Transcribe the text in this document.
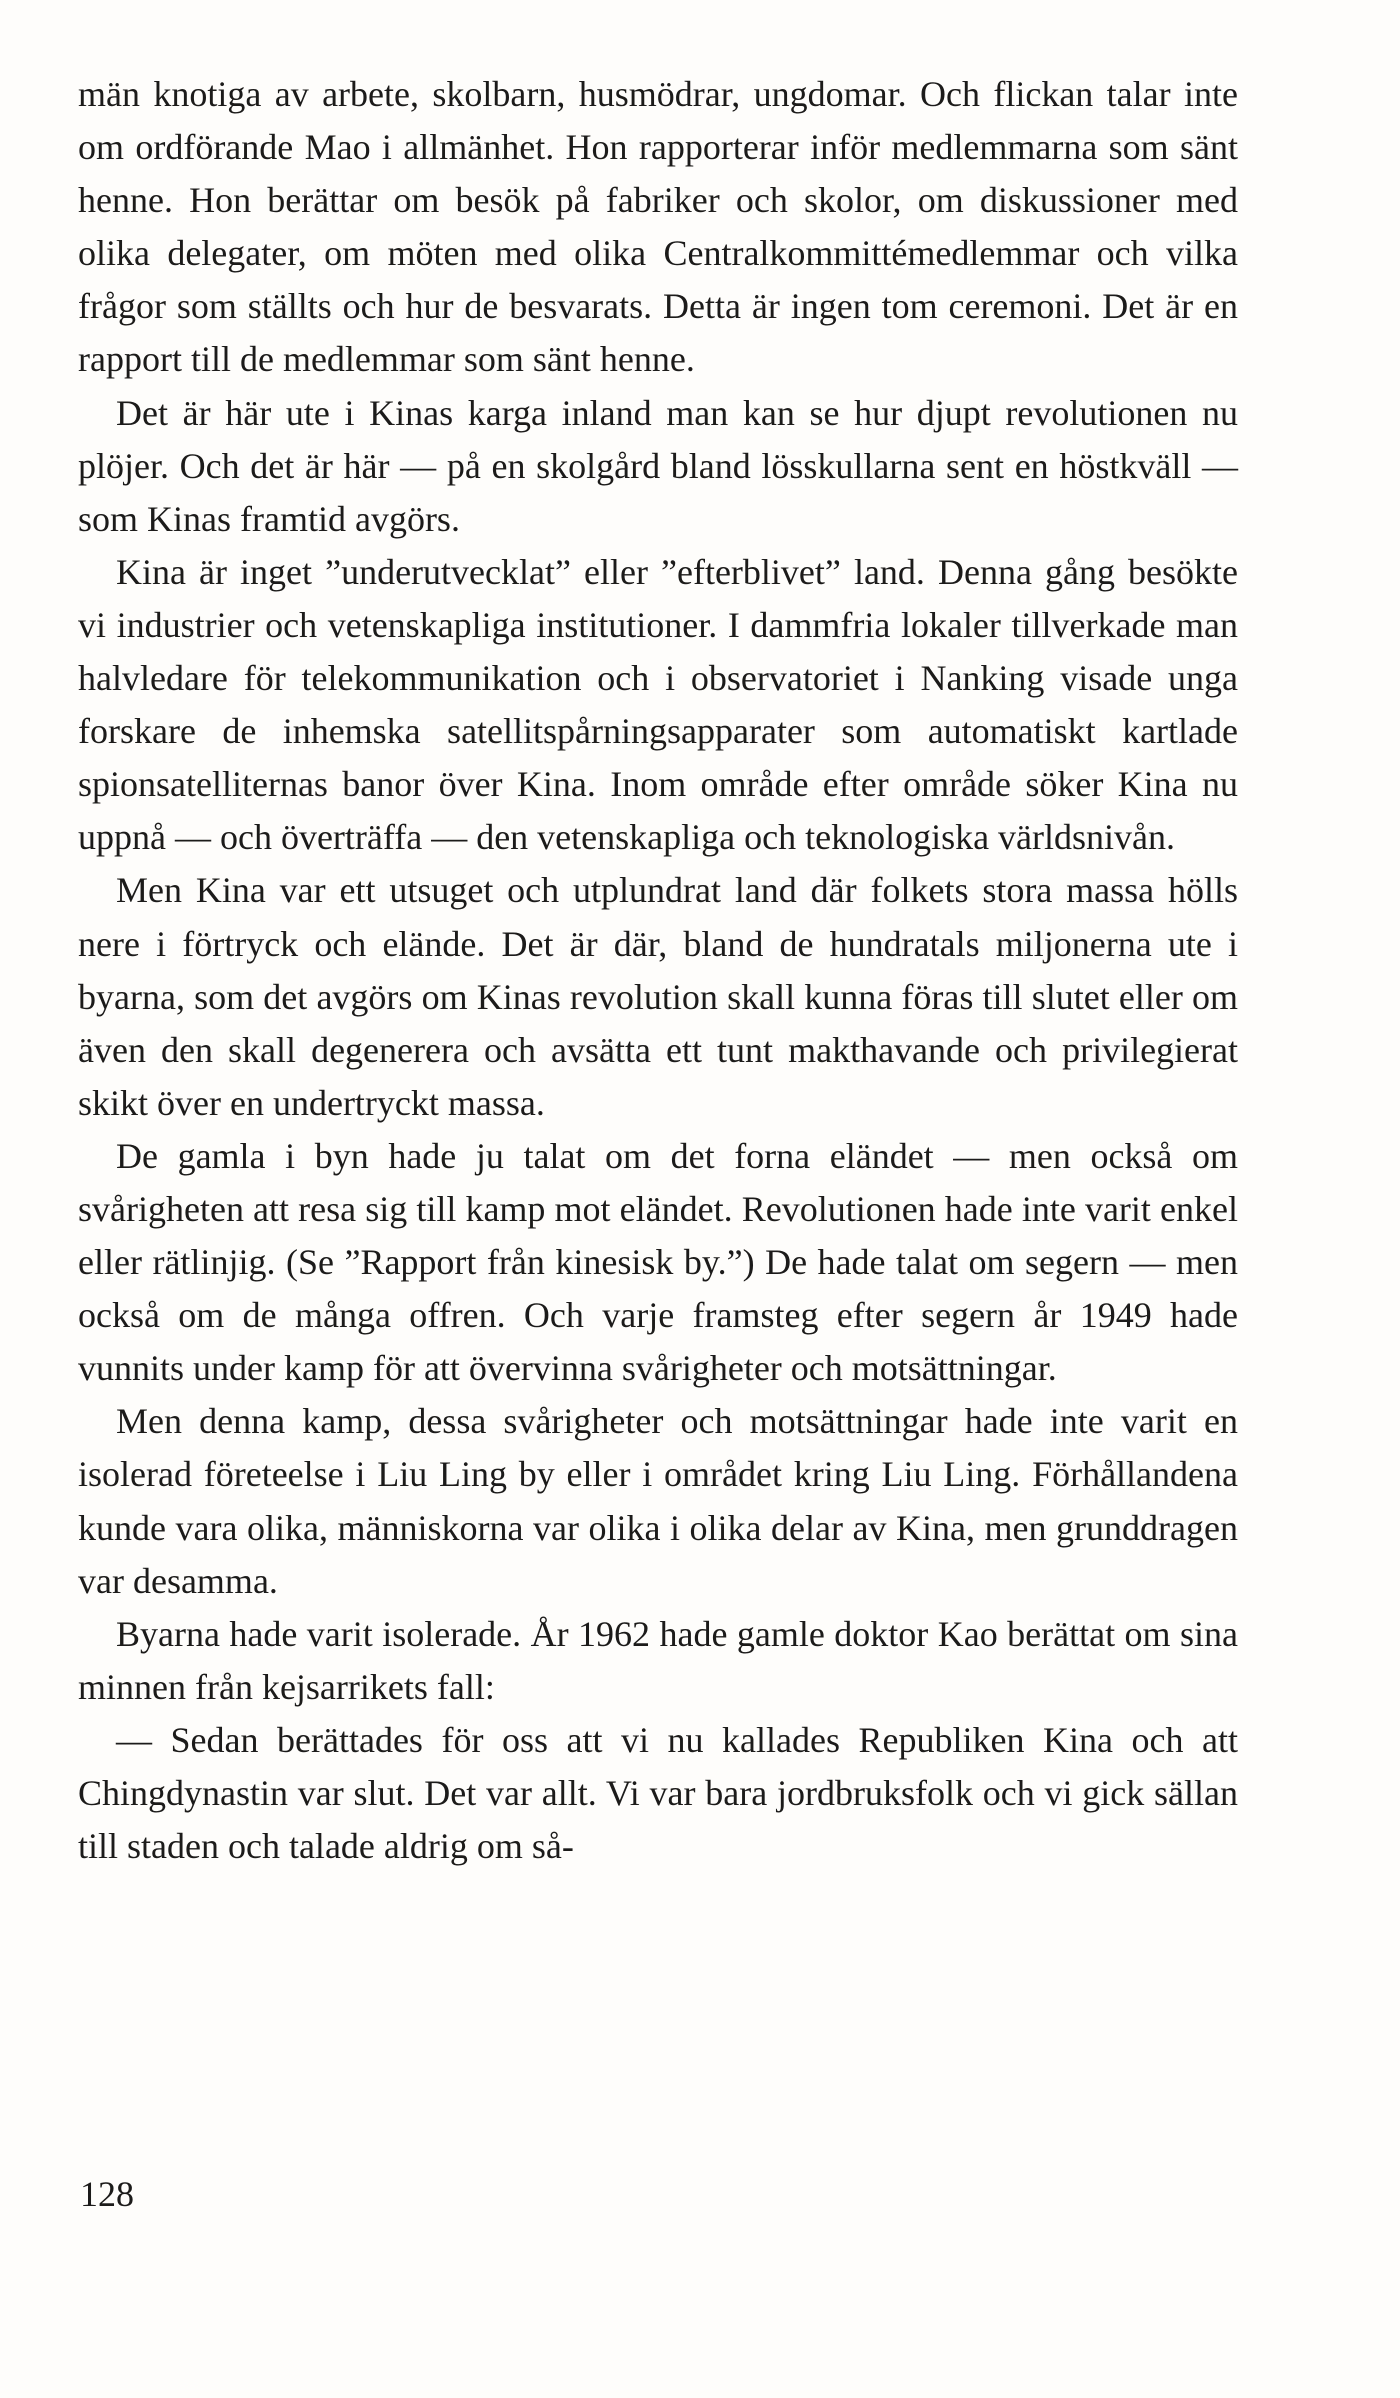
män knotiga av arbete, skolbarn, husmödrar, ungdomar. Och flickan talar inte om ordförande Mao i allmänhet. Hon rapporterar inför medlemmarna som sänt henne. Hon berättar om besök på fabriker och skolor, om diskussioner med olika delegater, om möten med olika Centralkommittémedlemmar och vilka frågor som ställts och hur de besvarats. Detta är ingen tom ceremoni. Det är en rapport till de medlemmar som sänt henne.

Det är här ute i Kinas karga inland man kan se hur djupt revolutionen nu plöjer. Och det är här — på en skolgård bland lösskullarna sent en höstkväll — som Kinas framtid avgörs.

Kina är inget ”underutvecklat” eller ”efterblivet” land. Denna gång besökte vi industrier och vetenskapliga institutioner. I dammfria lokaler tillverkade man halvledare för telekommunikation och i observatoriet i Nanking visade unga forskare de inhemska satellitspårningsapparater som automatiskt kartlade spionsatelliternas banor över Kina. Inom område efter område söker Kina nu uppnå — och överträffa — den vetenskapliga och teknologiska världsnivån.

Men Kina var ett utsuget och utplundrat land där folkets stora massa hölls nere i förtryck och elände. Det är där, bland de hundratals miljonerna ute i byarna, som det avgörs om Kinas revolution skall kunna föras till slutet eller om även den skall degenerera och avsätta ett tunt makthavande och privilegierat skikt över en undertryckt massa.

De gamla i byn hade ju talat om det forna eländet — men också om svårigheten att resa sig till kamp mot eländet. Revolutionen hade inte varit enkel eller rätlinjig. (Se ”Rapport från kinesisk by.”) De hade talat om segern — men också om de många offren. Och varje framsteg efter segern år 1949 hade vunnits under kamp för att övervinna svårigheter och motsättningar.

Men denna kamp, dessa svårigheter och motsättningar hade inte varit en isolerad företeelse i Liu Ling by eller i området kring Liu Ling. Förhållandena kunde vara olika, människorna var olika i olika delar av Kina, men grunddragen var desamma.

Byarna hade varit isolerade. År 1962 hade gamle doktor Kao berättat om sina minnen från kejsarrikets fall:

— Sedan berättades för oss att vi nu kallades Republiken Kina och att Chingdynastin var slut. Det var allt. Vi var bara jordbruksfolk och vi gick sällan till staden och talade aldrig om så-

128
